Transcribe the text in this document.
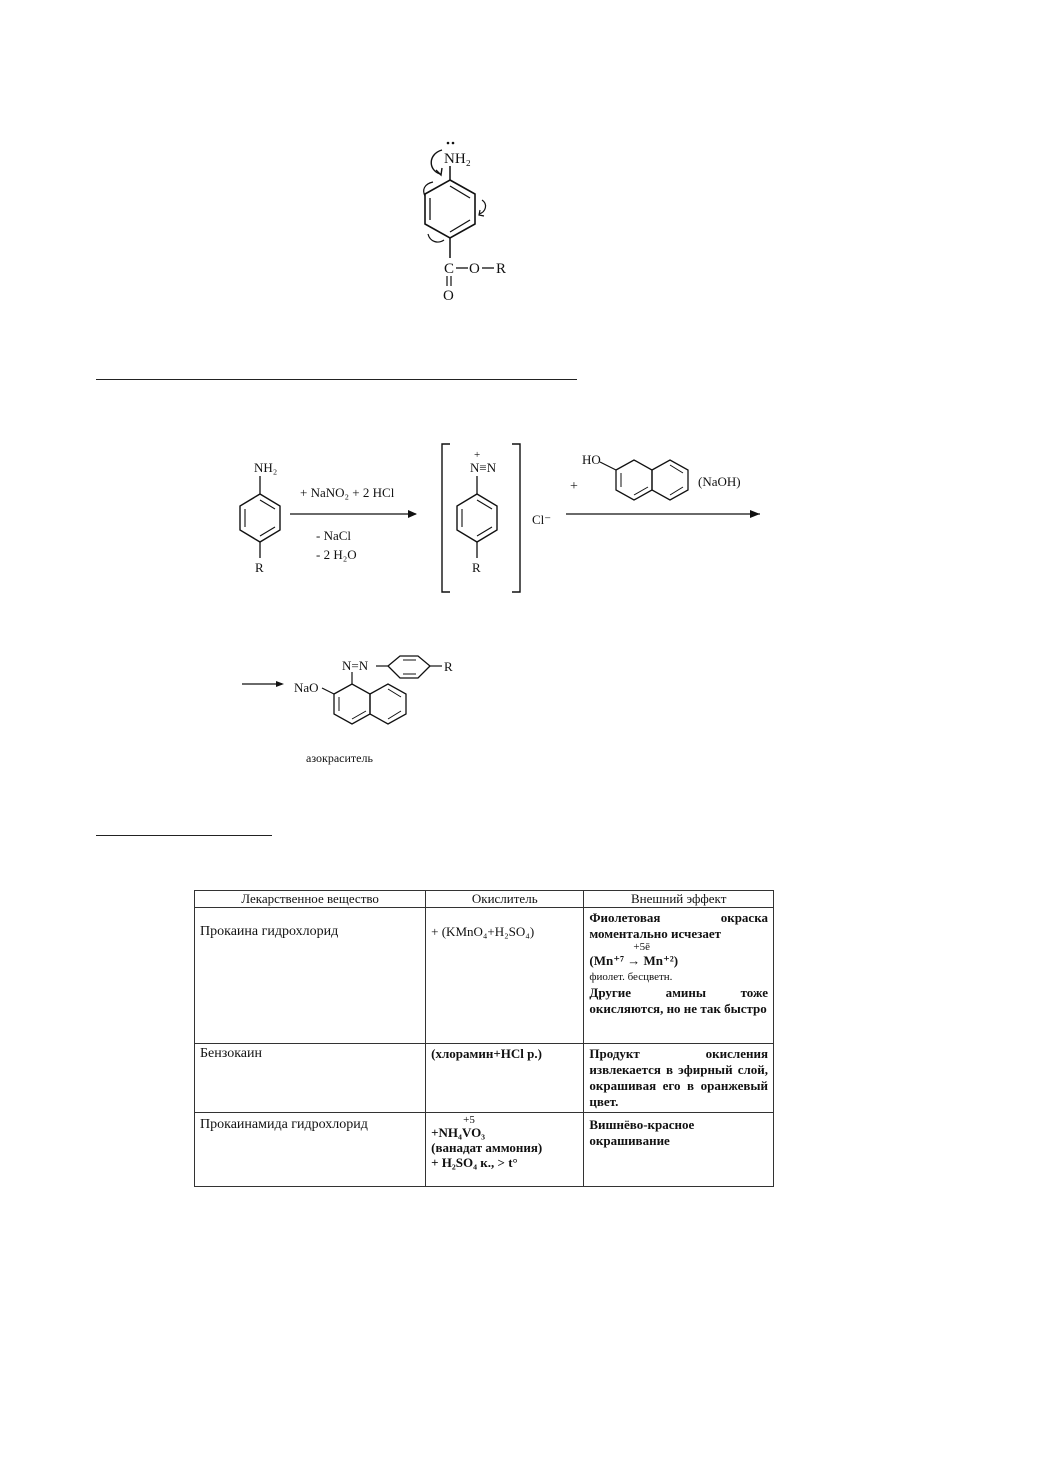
NH₂
C O R
O
NH₂
R
+ NaNO₂ + 2 HCl
- NaCl
- 2 H₂O
+
N≡N
R
Cl⁻
+
HO
(NaOH)
NaO
N=N	R
азокраситель
Лекарственное вещество	Окислитель	Внешний эффект

Прокаина гидрохлорид	+ (KMnO₄+H₂SO₄)	Фиолетовая окраска моментально исчезает
+5ē
(Mn⁺⁷ → Mn⁺²)
фиолет. бесцветн.
Другие амины тоже окисляются, но не так быстро

Бензокаин	(хлорамин+HCl р.)	Продукт окисления извлекается в эфирный слой, окрашивая его в оранжевый цвет.

Прокаинамида гидрохлорид	+5
+NH₄VO₃
(ванадат аммония)
+ H₂SO₄ к., > t°	Вишнёво-красное окрашивание
